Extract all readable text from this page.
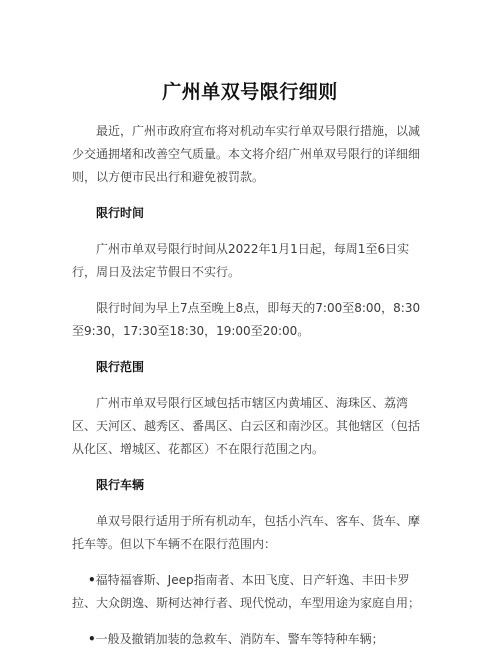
广州单双号限行细则

最近，广州市政府宣布将对机动车实行单双号限行措施，以减少交通拥堵和改善空气质量。本文将介绍广州单双号限行的详细细则，以方便市民出行和避免被罚款。

限行时间

广州市单双号限行时间从2022年1月1日起，每周1至6日实行，周日及法定节假日不实行。

限行时间为早上7点至晚上8点，即每天的7:00至8:00，8:30至9:30，17:30至18:30，19:00至20:00。

限行范围

广州市单双号限行区域包括市辖区内黄埔区、海珠区、荔湾区、天河区、越秀区、番禺区、白云区和南沙区。其他辖区（包括从化区、增城区、花都区）不在限行范围之内。

限行车辆

单双号限行适用于所有机动车，包括小汽车、客车、货车、摩托车等。但以下车辆不在限行范围内：

•福特福睿斯、Jeep指南者、本田飞度、日产轩逸、丰田卡罗拉、大众朗逸、斯柯达神行者、现代悦动，车型用途为家庭自用；

•一般及撤销加装的急救车、消防车、警车等特种车辆；
